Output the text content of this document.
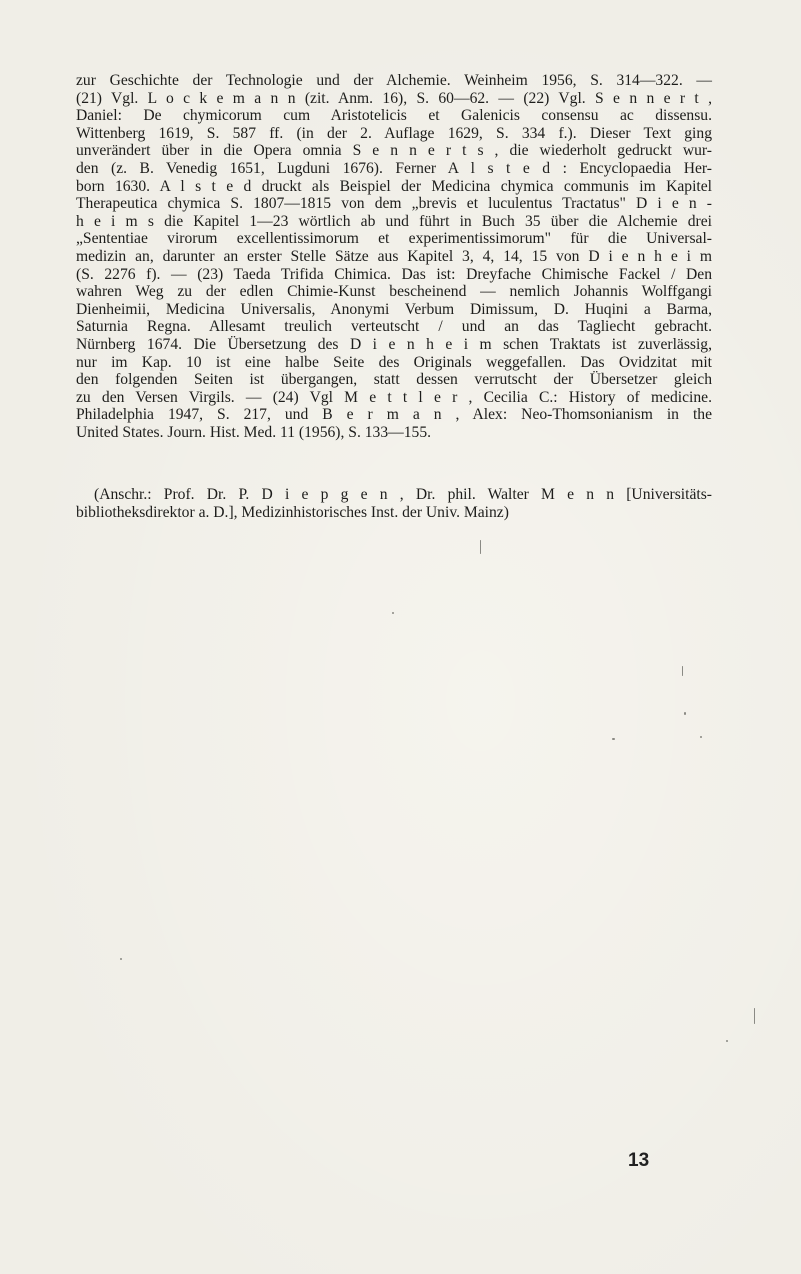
zur Geschichte der Technologie und der Alchemie. Weinheim 1956, S. 314—322. —
(21) Vgl. L o c k e m a n n (zit. Anm. 16), S. 60—62. — (22) Vgl. S e n n e r t ,
Daniel: De chymicorum cum Aristotelicis et Galenicis consensu ac dissensu.
Wittenberg 1619, S. 587 ff. (in der 2. Auflage 1629, S. 334 f.). Dieser Text ging
unverändert über in die Opera omnia S e n n e r t s , die wiederholt gedruckt wur-
den (z. B. Venedig 1651, Lugduni 1676). Ferner A l s t e d : Encyclopaedia Her-
born 1630. A l s t e d druckt als Beispiel der Medicina chymica communis im Kapitel
Therapeutica chymica S. 1807—1815 von dem „brevis et luculentus Tractatus" D i e n -
h e i m s die Kapitel 1—23 wörtlich ab und führt in Buch 35 über die Alchemie drei
„Sententiae virorum excellentissimorum et experimentissimorum" für die Universal-
medizin an, darunter an erster Stelle Sätze aus Kapitel 3, 4, 14, 15 von D i e n h e i m
(S. 2276 f). — (23) Taeda Trifida Chimica. Das ist: Dreyfache Chimische Fackel / Den
wahren Weg zu der edlen Chimie-Kunst bescheinend — nemlich Johannis Wolffgangi
Dienheimii, Medicina Universalis, Anonymi Verbum Dimissum, D. Huqini a Barma,
Saturnia Regna. Allesamt treulich verteutscht / und an das Tagliecht gebracht.
Nürnberg 1674. Die Übersetzung des D i e n h e i m schen Traktats ist zuverlässig,
nur im Kap. 10 ist eine halbe Seite des Originals weggefallen. Das Ovidzitat mit
den folgenden Seiten ist übergangen, statt dessen verrutscht der Übersetzer gleich
zu den Versen Virgils. — (24) Vgl M e t t l e r , Cecilia C.: History of medicine.
Philadelphia 1947, S. 217, und B e r m a n , Alex: Neo-Thomsonianism in the
United States. Journ. Hist. Med. 11 (1956), S. 133—155.
(Anschr.: Prof. Dr. P. D i e p g e n , Dr. phil. Walter M e n n [Universitäts-
bibliotheksdirektor a. D.], Medizinhistorisches Inst. der Univ. Mainz)
13
